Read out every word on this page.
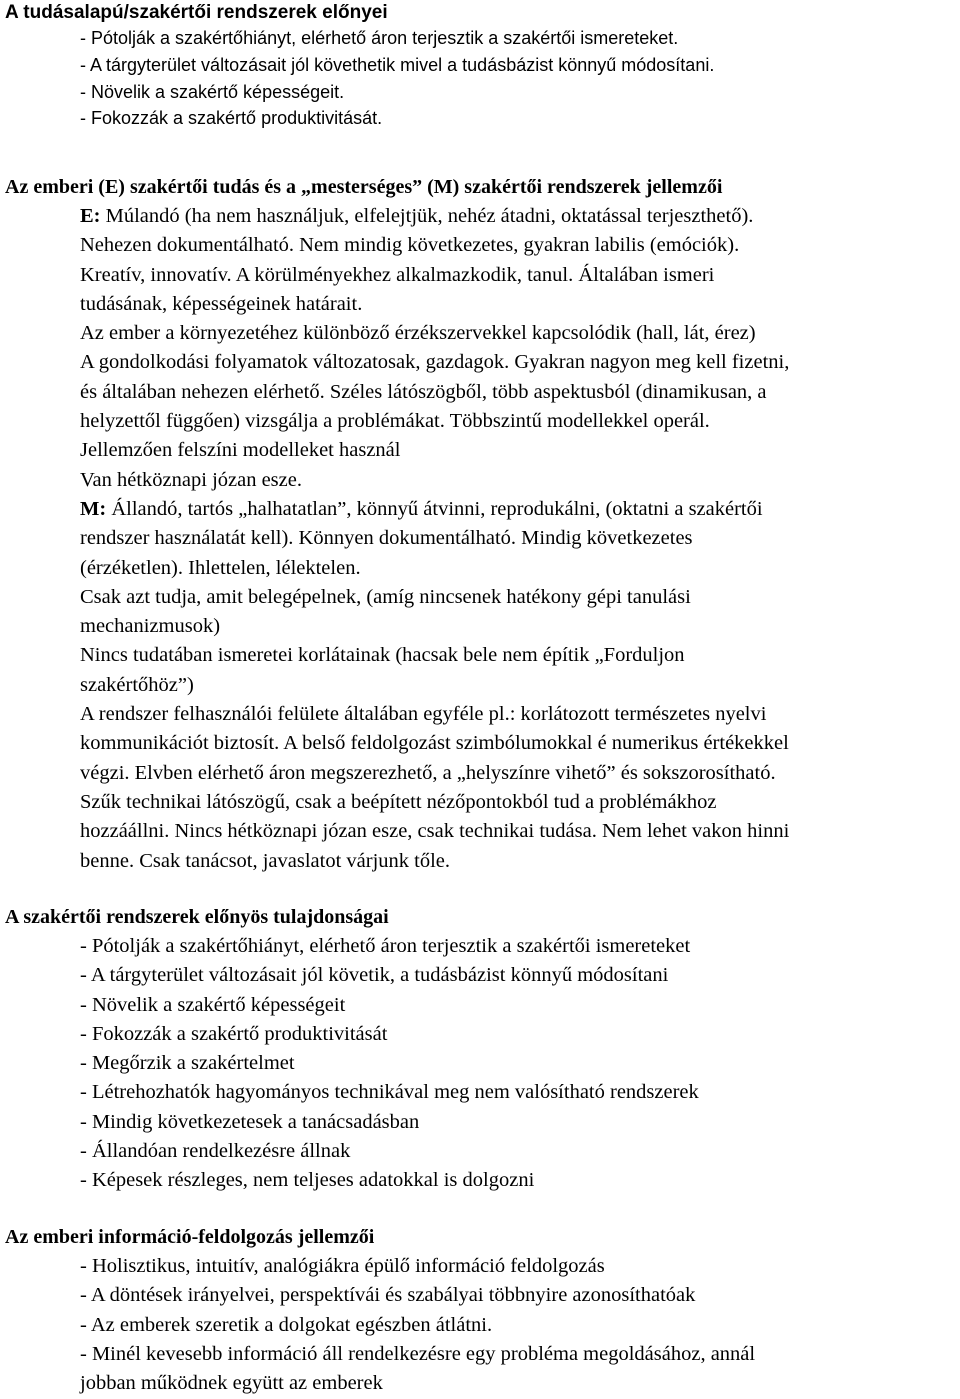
A tudásalapú/szakértői rendszerek előnyei
- Pótolják a szakértőhiányt, elérhető áron terjesztik a szakértői ismereteket.
- A tárgyterület változásait jól követhetik mivel a tudásbázist könnyű módosítani.
- Növelik a szakértő képességeit.
- Fokozzák a szakértő produktivitását.
Az emberi (E) szakértői tudás és a „mesterséges” (M) szakértői rendszerek jellemzői
E: Múlandó (ha nem használjuk, elfelejtjük, nehéz átadni, oktatással terjeszthető).
Nehezen dokumentálható. Nem mindig következetes, gyakran labilis (emóciók).
Kreatív, innovatív. A körülményekhez alkalmazkodik, tanul. Általában ismeri
tudásának, képességeinek határait.
Az ember a környezetéhez különböző érzékszervekkel kapcsolódik (hall, lát, érez)
A gondolkodási folyamatok változatosak, gazdagok. Gyakran nagyon meg kell fizetni,
és általában nehezen elérhető. Széles látószögből, több aspektusból (dinamikusan, a
helyzettől függően) vizsgálja a problémákat. Többszintű modellekkel operál.
Jellemzően felszíni modelleket használ
Van hétköznapi józan esze.
M: Állandó, tartós „halhatatlan”, könnyű átvinni, reprodukálni, (oktatni a szakértői
rendszer használatát kell). Könnyen dokumentálható. Mindig következetes
(érzéketlen). Ihlettelen, lélektelen.
Csak azt tudja, amit belegépelnek, (amíg nincsenek hatékony gépi tanulási
mechanizmusok)
Nincs tudatában ismeretei korlátainak (hacsak bele nem építik „Forduljon
szakértőhöz”)
A rendszer felhasználói felülete általában egyféle pl.: korlátozott természetes nyelvi
kommunikációt biztosít. A belső feldolgozást szimbólumokkal é numerikus értékekkel
végzi. Elvben elérhető áron megszerezhető, a „helyszínre vihető” és sokszorosítható.
Szűk technikai látószögű, csak a beépített nézőpontokból tud a problémákhoz
hozzáállni. Nincs hétköznapi józan esze, csak technikai tudása. Nem lehet vakon hinni
benne. Csak tanácsot, javaslatot várjunk tőle.
A szakértői rendszerek előnyös tulajdonságai
- Pótolják a szakértőhiányt, elérhető áron terjesztik a szakértői ismereteket
- A tárgyterület változásait jól követik, a tudásbázist könnyű módosítani
- Növelik a szakértő képességeit
- Fokozzák a szakértő produktivitását
- Megőrzik a szakértelmet
- Létrehozhatók hagyományos technikával meg nem valósítható rendszerek
- Mindig következetesek a tanácsadásban
- Állandóan rendelkezésre állnak
- Képesek részleges, nem teljeses adatokkal is dolgozni
Az emberi információ-feldolgozás jellemzői
- Holisztikus, intuitív, analógiákra épülő információ feldolgozás
- A döntések irányelvei, perspektívái és szabályai többnyire azonosíthatóak
- Az emberek szeretik a dolgokat egészben átlátni.
- Minél kevesebb információ áll rendelkezésre egy probléma megoldásához, annál
jobban működnek együtt az emberek
